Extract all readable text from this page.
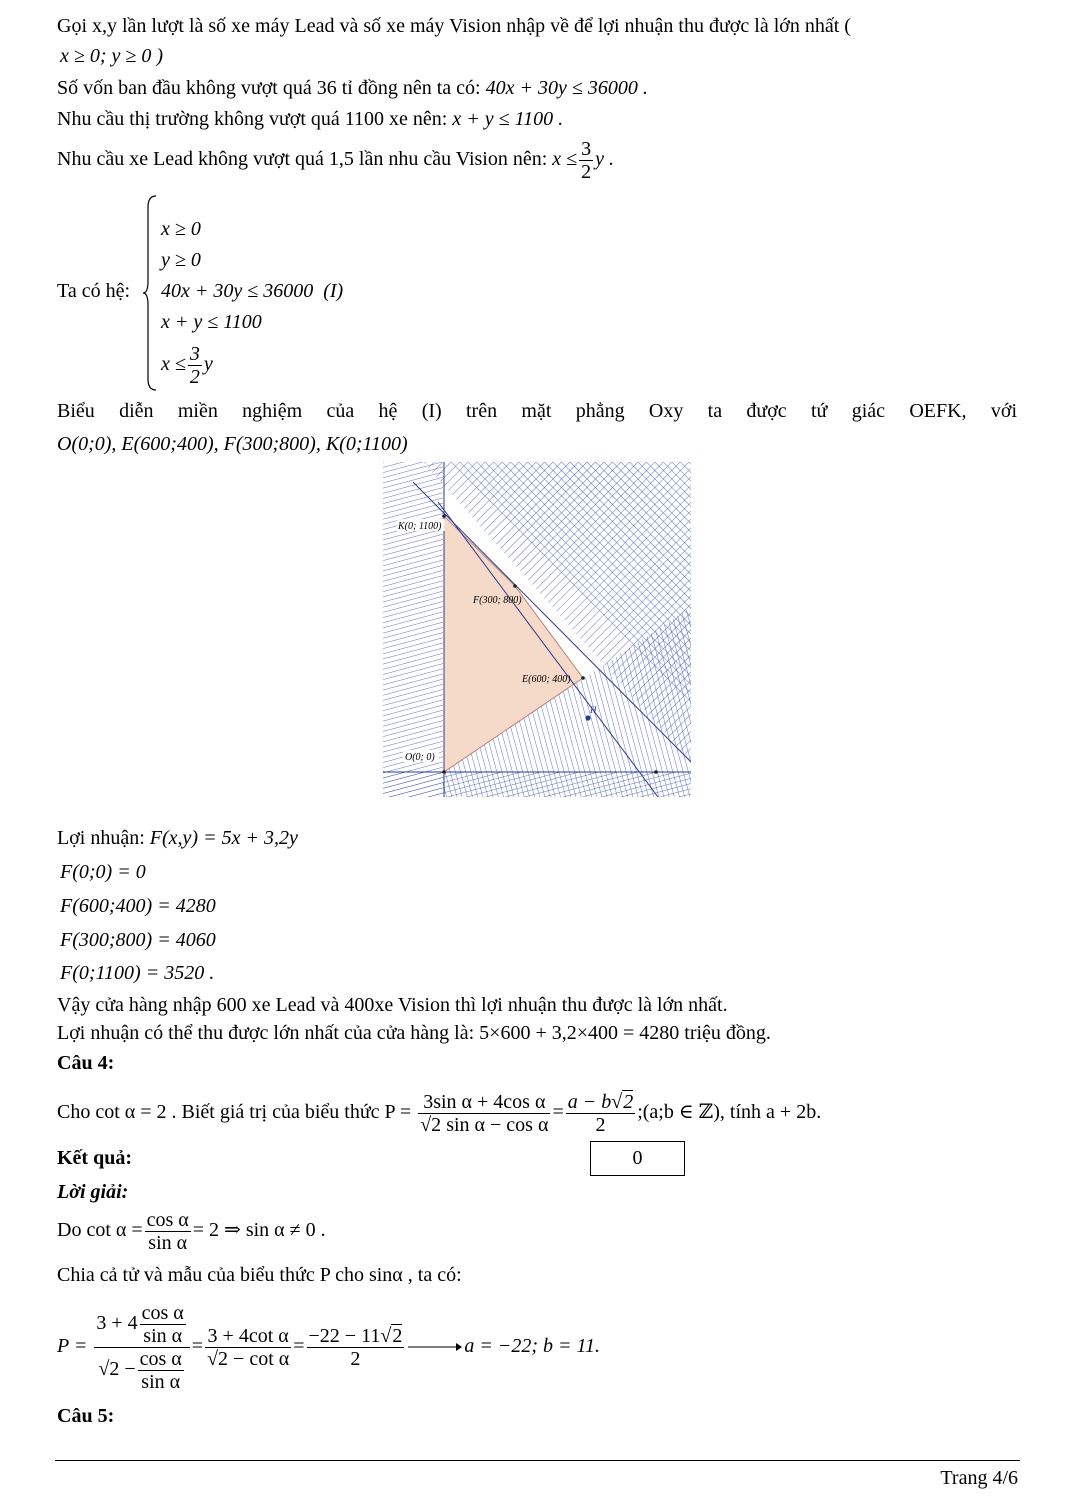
Gọi x,y lần lượt là số xe máy Lead và số xe máy Vision nhập về để lợi nhuận thu được là lớn nhất (
x ≥ 0; y ≥ 0 )
Số vốn ban đầu không vượt quá 36 tỉ đồng nên ta có: 40x + 30y ≤ 36000 .
Nhu cầu thị trường không vượt quá 1100 xe nên: x + y ≤ 1100 .
Nhu cầu xe Lead không vượt quá 1,5 lần nhu cầu Vision nên: $x \le \frac{3}{2}$ y .
Ta có hệ:
x ≥ 0
y ≥ 0
40x + 30y ≤ 36000 (I)
x + y ≤ 1100
$x \le \frac{3}{2}$ y
Biểu diễn miền nghiệm của hệ (I) trên mặt phẳng Oxy ta được tứ giác OEFK, với
O(0;0), E(600;400), F(300;800), K(0;1100)
K(0; 1100)
F(300; 800)
E(600; 400)
O(0; 0)
H
Lợi nhuận: F(x,y) = 5x + 3,2y
F(0;0) = 0
F(600;400) = 4280
F(300;800) = 4060
F(0;1100) = 3520 .
Vậy cửa hàng nhập 600 xe Lead và 400xe Vision thì lợi nhuận thu được là lớn nhất.
Lợi nhuận có thể thu được lớn nhất của cửa hàng là: 5×600 + 3,2×400 = 4280 triệu đồng.
Câu 4:
Cho cot α = 2 . Biết giá trị của biểu thức $P = \frac{\text{3sin α + 4cos α}}{\text{√2 sin α − cos α}} = \frac{a - b√2}{2}$ ;(a;b ∈ ℤ), tính a + 2b.
Kết quả:	0
Lời giải:
Do $\cot \alpha = \frac{\text{cos α}}{\text{sin α}} = 2$ ⇒ sin α ≠ 0 .
Chia cả tử và mẫu của biểu thức P cho sinα , ta có:
$P = \frac{3 + 4 \frac{\text{cos α}}{\text{sin α}}}{√2 - \frac{\text{cos α}}{\text{sin α}}} = \frac{\text{3 + 4cot α}}{\text{√2 − cot α}} = \frac{-22 - 11√2}{2}$	a = −22; b = 11.
Câu 5:
Trang 4/6
